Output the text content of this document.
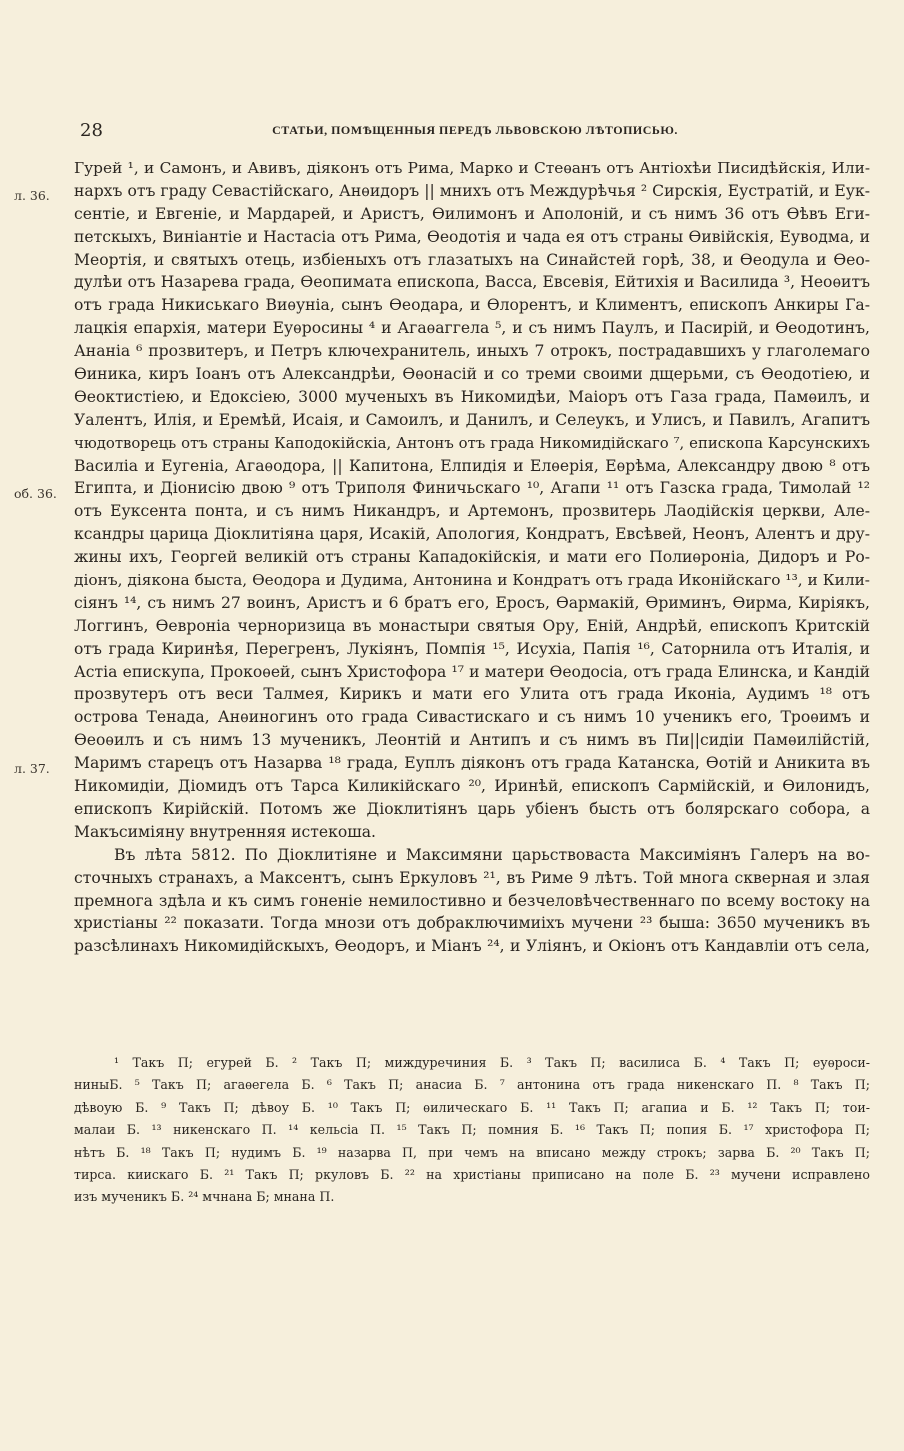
28	СТАТЬИ, ПОМѢЩЕННЫЯ ПЕРЕДЪ ЛЬВОВСКОЮ ЛѢТОПИСЬЮ.
л. 36.
об. 36.
л. 37.
Гурей ¹, и Самонъ, и Авивъ, діяконъ отъ Рима, Марко и Стеѳанъ отъ Антіохѣи Писидѣйскія, Или-
нархъ отъ граду Севастійскаго, Анѳидоръ || мнихъ отъ Междурѣчья ² Сирскія, Еустратій, и Еук-
сентіе, и Евгеніе, и Мардарей, и Аристъ, Ѳилимонъ и Аполоній, и съ нимъ 36 отъ Ѳѣвъ Еги-
петскыхъ, Виніантіе и Настасіа отъ Рима, Ѳеодотія и чада ея отъ страны Ѳивійскія, Еуводма, и
Меортія, и святыхъ отець, избіеныхъ отъ глазатыхъ на Синайстей горѣ, 38, и Ѳеодула и Ѳео-
дулѣи отъ Назарева града, Ѳеопимата епископа, Васса, Евсевія, Ейтихія и Василида ³, Неоѳитъ
отъ града Никиськаго Виѳуніа, сынъ Ѳеодара, и Ѳлорентъ, и Климентъ, епископъ Анкиры Га-
лацкія епархія, матери Еуѳросины ⁴ и Агаѳаггела ⁵, и съ нимъ Паулъ, и Пасирій, и Ѳеодотинъ,
Ананіа ⁶ прозвитеръ, и Петръ ключехранитель, иныхъ 7 отрокъ, пострадавшихъ у глаголемаго
Ѳиника, киръ Іоанъ отъ Александрѣи, Ѳѳонасій и со треми своими дщерьми, съ Ѳеодотіею, и
Ѳеоктистіею, и Едоксіею, 3000 мученыхъ въ Никомидѣи, Маіоръ отъ Газа града, Памѳилъ, и
Уалентъ, Илія, и Еремѣй, Исаія, и Самоилъ, и Данилъ, и Селеукъ, и Улисъ, и Павилъ, Агапитъ
чюдотворець отъ страны Каподокійскіа, Антонъ отъ града Никомидійскаго ⁷, епископа Карсунскихъ
Василіа и Еугеніа, Агаѳодора, || Капитона, Елпидія и Елѳерія, Еѳрѣма, Александру двою ⁸ отъ
Египта, и Діонисію двою ⁹ отъ Триполя Финичьскаго ¹⁰, Агапи ¹¹ отъ Газска града, Тимолай ¹²
отъ Еуксента понта, и съ нимъ Никандръ, и Артемонъ, прозвитерь Лаодійскія церкви, Але-
ксандры царица Діоклитіяна царя, Исакій, Апология, Кондратъ, Евсѣвей, Неонъ, Алентъ и дру-
жины ихъ, Георгей великій отъ страны Кападокійскія, и мати его Полиѳроніа, Дидоръ и Ро-
діонъ, діякона быста, Ѳеодора и Дудима, Антонина и Кондратъ отъ града Иконійскаго ¹³, и Кили-
сіянъ ¹⁴, съ нимъ 27 воинъ, Аристъ и 6 братъ его, Еросъ, Ѳармакій, Ѳриминъ, Ѳирма, Киріякъ,
Логгинъ, Ѳевроніа черноризица въ монастыри святыя Ору, Еній, Андрѣй, епископъ Критскій
отъ града Киринѣя, Перегренъ, Лукіянъ, Помпія ¹⁵, Исухіа, Папія ¹⁶, Саторнила отъ Италія, и
Астіа епискупа, Прокоѳей, сынъ Христофора ¹⁷ и матери Ѳеодосіа, отъ града Елинска, и Кандій
прозвутеръ отъ веси Талмея, Кирикъ и мати его Улита отъ града Иконіа, Аудимъ ¹⁸ отъ
острова Тенада, Анѳиногинъ ото града Сивастискаго и съ нимъ 10 ученикъ его, Троѳимъ и
Ѳеоѳилъ и съ нимъ 13 мученикъ, Леонтій и Антипъ и съ нимъ въ Пи||сидіи Памѳилійстій,
Маримъ старецъ отъ Назарва ¹⁸ града, Еуплъ діяконъ отъ града Катанска, Ѳотій и Аникита въ
Никомидіи, Діомидъ отъ Тарса Киликійскаго ²⁰, Иринѣй, епископъ Сармійскій, и Ѳилонидъ,
епископъ Кирійскій. Потомъ же Діоклитіянъ царь убіенъ бысть отъ болярскаго собора, а
Макъсиміяну внутренняя истекоша.
Въ лѣта 5812. По Діоклитіяне и Максимяни царьствоваста Максиміянъ Галеръ на во-
сточныхъ странахъ, а Максентъ, сынъ Еркуловъ ²¹, въ Риме 9 лѣтъ. Той многа скверная и злая
премнога здѣла и къ симъ гоненіе немилостивно и безчеловѣчественнаго по всему востоку на
христіаны ²² показати. Тогда мнози отъ добраключимиіхъ мучени ²³ быша: 3650 мученикъ въ
разсѣлинахъ Никомидійскыхъ, Ѳеодоръ, и Міанъ ²⁴, и Уліянъ, и Окіонъ отъ Кандавліи отъ села,
¹ Такъ П; егурей Б. ² Такъ П; миждуречиния Б. ³ Такъ П; василиса Б. ⁴ Такъ П; еуѳроси-
ниныБ. ⁵ Такъ П; агаѳегела Б. ⁶ Такъ П; анасиа Б. ⁷ антонина отъ града никенскаго П. ⁸ Такъ П;
дѣвоую Б. ⁹ Такъ П; дѣвоу Б. ¹⁰ Такъ П; ѳилическаго Б. ¹¹ Такъ П; агапиа и Б. ¹² Такъ П; тои-
малаи Б. ¹³ никенскаго П. ¹⁴ кельсіа П. ¹⁵ Такъ П; помния Б. ¹⁶ Такъ П; попия Б. ¹⁷ христофора П;
нѣтъ Б. ¹⁸ Такъ П; нудимъ Б. ¹⁹ назарва П, при чемъ на вписано между строкъ; зарва Б. ²⁰ Такъ П;
тирса. киискаго Б. ²¹ Такъ П; ркуловъ Б. ²² на христіаны приписано на поле Б. ²³ мучени исправлено
изъ мученикъ Б. ²⁴ мчнана Б; мнана П.
